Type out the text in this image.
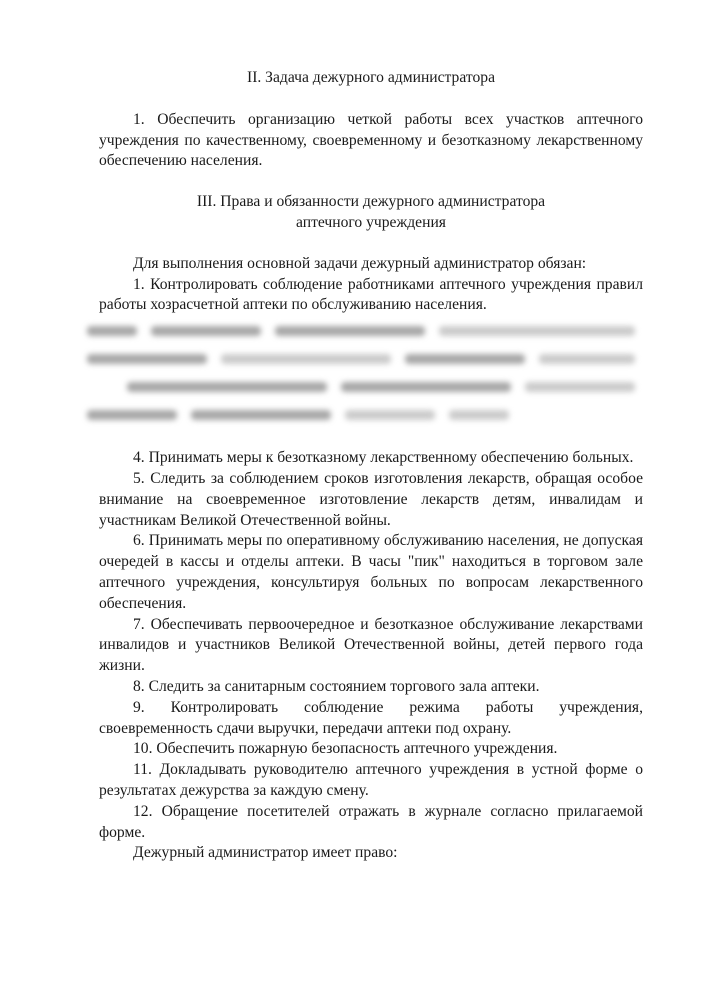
II. Задача дежурного администратора

1. Обеспечить организацию четкой работы всех участков аптечного учреждения по качественному, своевременному и безотказному лекарственному обеспечению населения.

III. Права и обязанности дежурного администратора

аптечного учреждения

Для выполнения основной задачи дежурный администратор обязан:

1. Контролировать соблюдение работниками аптечного учреждения правил работы хозрасчетной аптеки по обслуживанию населения.

4. Принимать меры к безотказному лекарственному обеспечению больных.

5. Следить за соблюдением сроков изготовления лекарств, обращая особое внимание на своевременное изготовление лекарств детям, инвалидам и участникам Великой Отечественной войны.

6. Принимать меры по оперативному обслуживанию населения, не допуская очередей в кассы и отделы аптеки. В часы "пик" находиться в торговом зале аптечного учреждения, консультируя больных по вопросам лекарственного обеспечения.

7. Обеспечивать первоочередное и безотказное обслуживание лекарствами инвалидов и участников Великой Отечественной войны, детей первого года жизни.

8. Следить за санитарным состоянием торгового зала аптеки.

9. Контролировать соблюдение режима работы учреждения, своевременность сдачи выручки, передачи аптеки под охрану.

10. Обеспечить пожарную безопасность аптечного учреждения.

11. Докладывать руководителю аптечного учреждения в устной форме о результатах дежурства за каждую смену.

12. Обращение посетителей отражать в журнале согласно прилагаемой форме.

Дежурный администратор имеет право:
